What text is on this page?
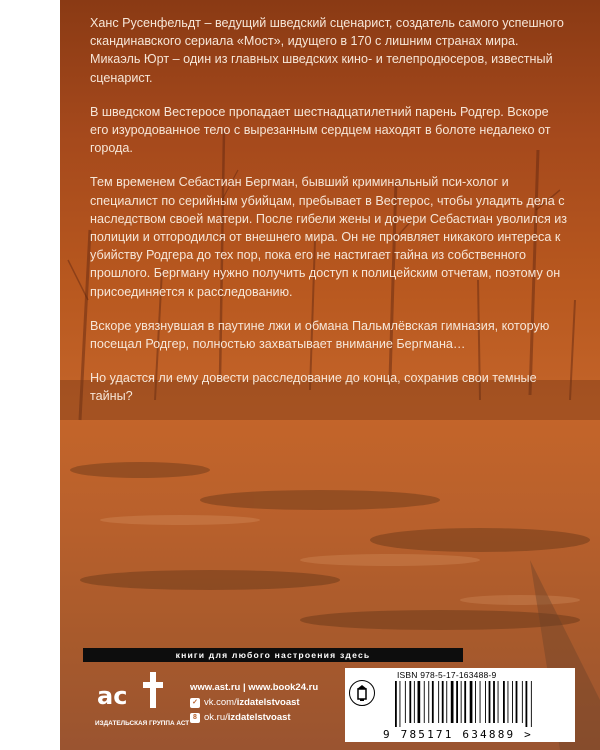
Ханс Русенфельдт – ведущий шведский сценарист, создатель самого успешного скандинавского сериала «Мост», идущего в 170 с лишним странах мира. Микаэль Юрт – один из главных шведских кино- и телепродюсеров, известный сценарист.

В шведском Вестеросе пропадает шестнадцатилетний парень Родгер. Вскоре его изуродованное тело с вырезанным сердцем находят в болоте недалеко от города.

Тем временем Себастиан Бергман, бывший криминальный пси-холог и специалист по серийным убийцам, пребывает в Вестерос, чтобы уладить дела с наследством своей матери. После гибели жены и дочери Себастиан уволился из полиции и отгородился от внешнего мира. Он не проявляет никакого интереса к убийству Родгера до тех пор, пока его не настигает тайна из собственного прошлого. Бергману нужно получить доступ к полицейским отчетам, поэтому он присоединяется к расследованию.

Вскоре увязнувшая в паутине лжи и обмана Пальмлёвская гимназия, которую посещал Родгер, полностью захватывает внимание Бергмана…

Но удастся ли ему довести расследование до конца, сохранив свои темные тайны?

книги для любого настроения здесь
ac
ИЗДАТЕЛЬСКАЯ ГРУППА АСТ
www.ast.ru | www.book24.ru
✓ vk.com/izdatelstvoast
8 ok.ru/izdatelstvoast
ISBN 978-5-17-163488-9
9 785171 634889 >
